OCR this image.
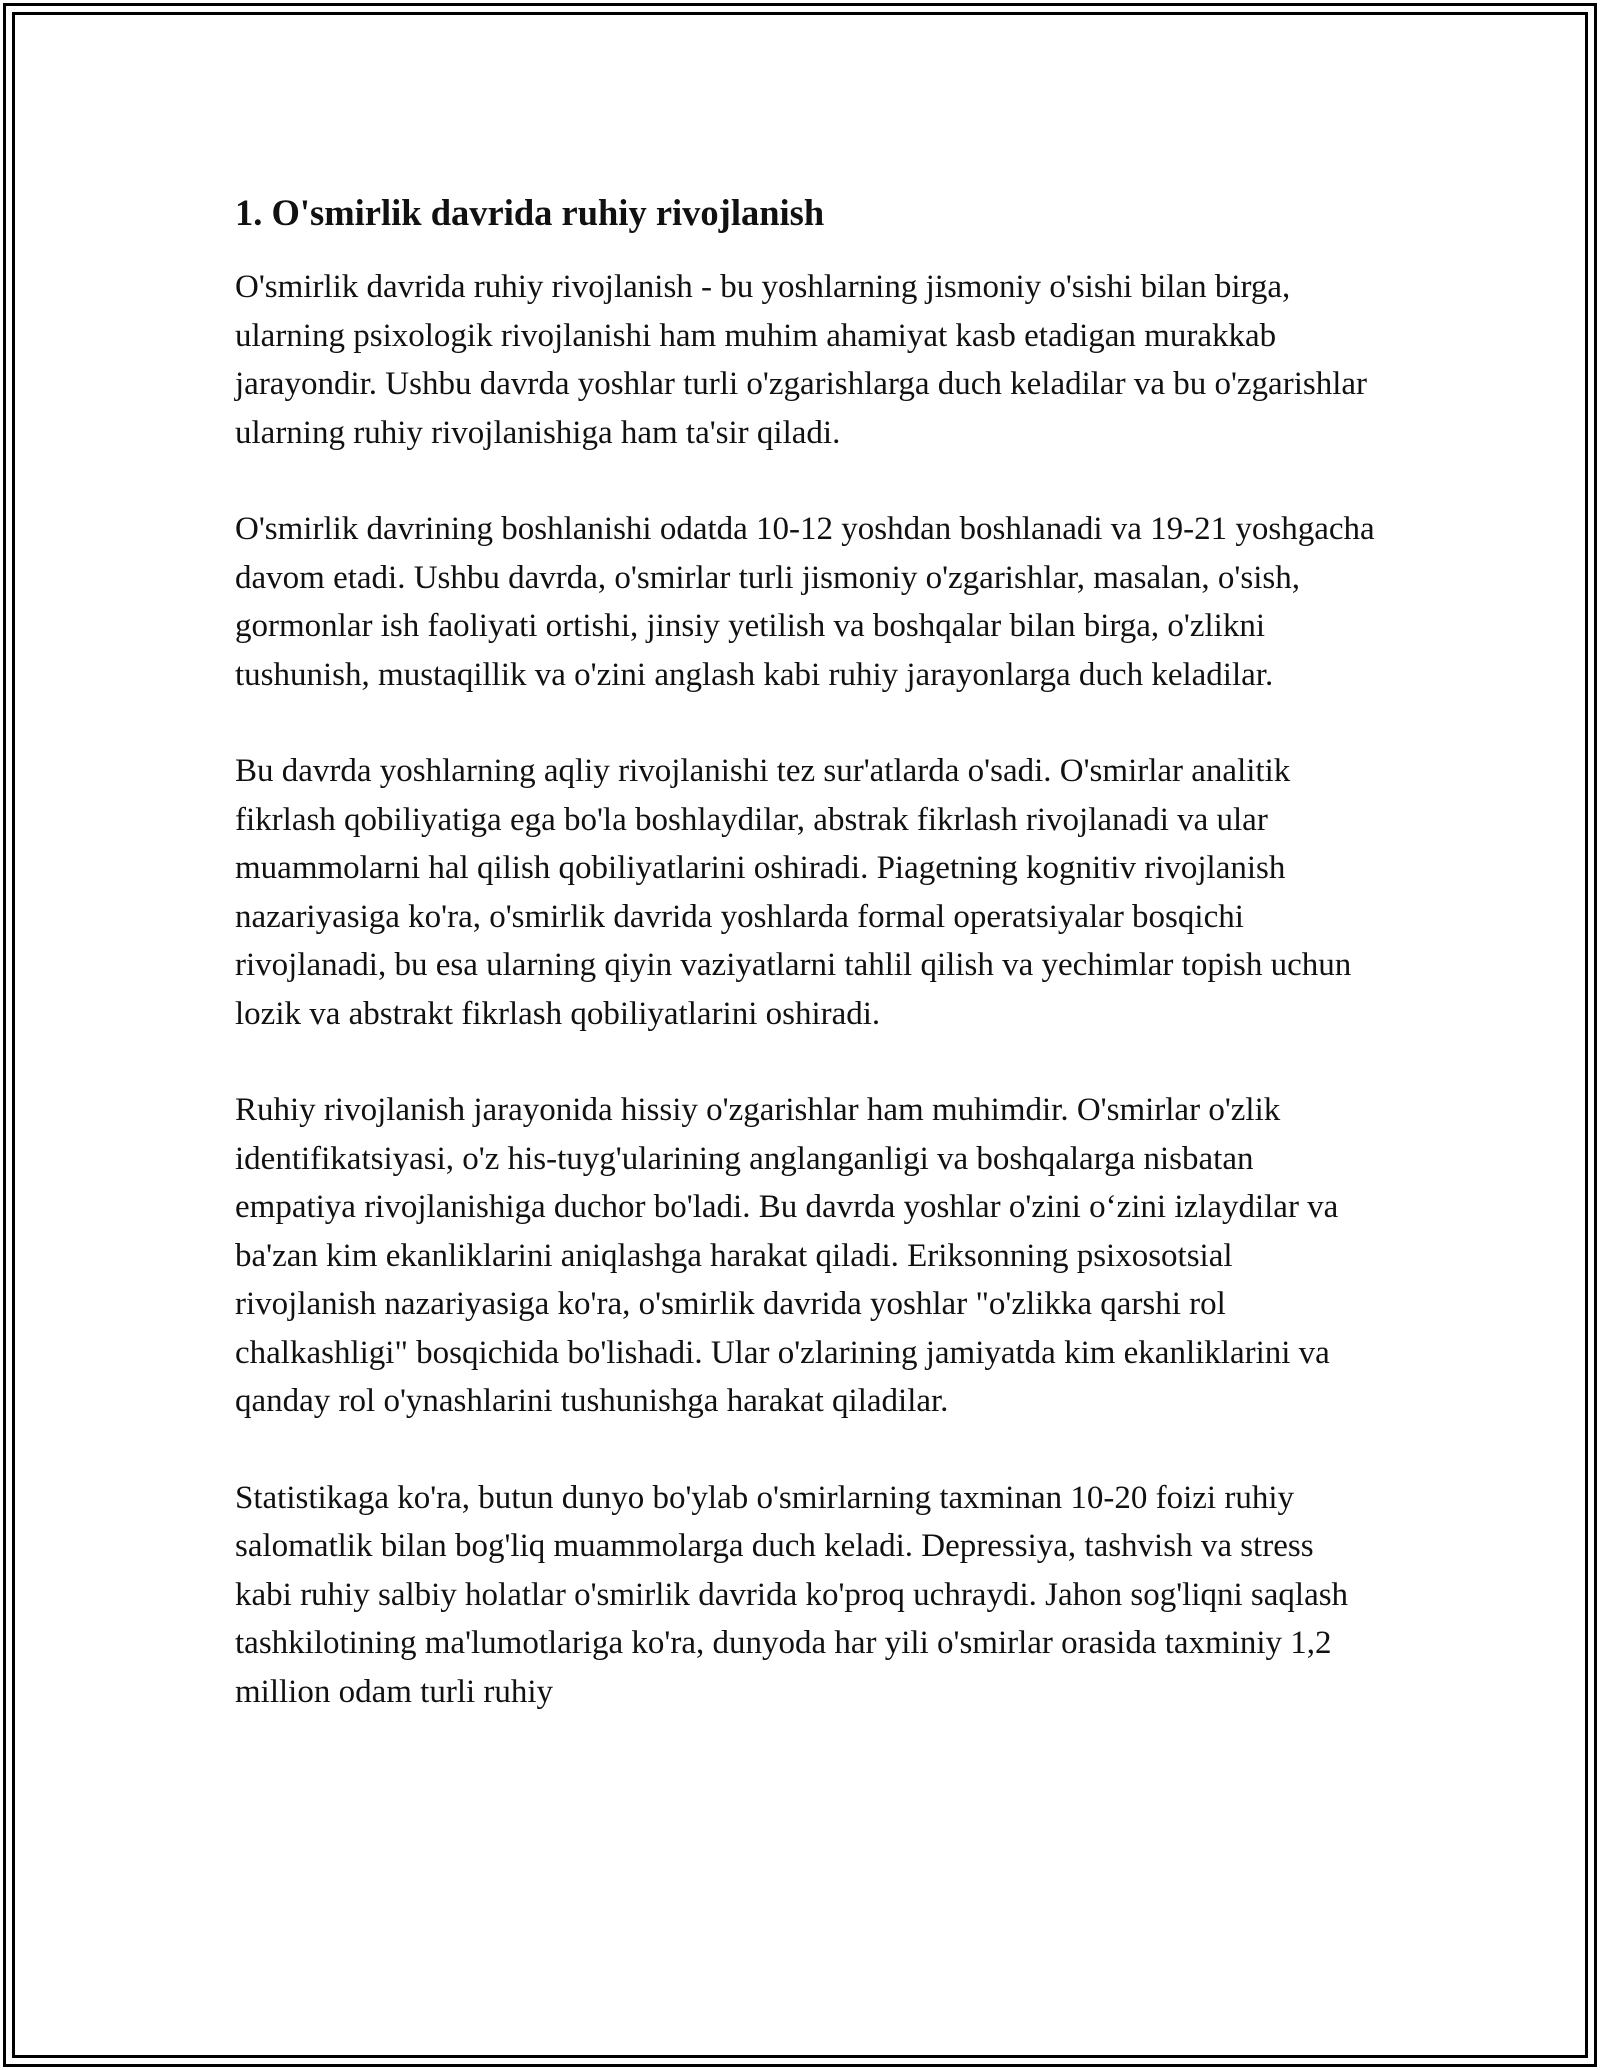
1. O'smirlik davrida ruhiy rivojlanish

O'smirlik davrida ruhiy rivojlanish - bu yoshlarning jismoniy o'sishi bilan birga, ularning psixologik rivojlanishi ham muhim ahamiyat kasb etadigan murakkab jarayondir. Ushbu davrda yoshlar turli o'zgarishlarga duch keladilar va bu o'zgarishlar ularning ruhiy rivojlanishiga ham ta'sir qiladi.

O'smirlik davrining boshlanishi odatda 10-12 yoshdan boshlanadi va 19-21 yoshgacha davom etadi. Ushbu davrda, o'smirlar turli jismoniy o'zgarishlar, masalan, o'sish, gormonlar ish faoliyati ortishi, jinsiy yetilish va boshqalar bilan birga, o'zlikni tushunish, mustaqillik va o'zini anglash kabi ruhiy jarayonlarga duch keladilar.

Bu davrda yoshlarning aqliy rivojlanishi tez sur'atlarda o'sadi. O'smirlar analitik fikrlash qobiliyatiga ega bo'la boshlaydilar, abstrak fikrlash rivojlanadi va ular muammolarni hal qilish qobiliyatlarini oshiradi. Piagetning kognitiv rivojlanish nazariyasiga ko'ra, o'smirlik davrida yoshlarda formal operatsiyalar bosqichi rivojlanadi, bu esa ularning qiyin vaziyatlarni tahlil qilish va yechimlar topish uchun lozik va abstrakt fikrlash qobiliyatlarini oshiradi.

Ruhiy rivojlanish jarayonida hissiy o'zgarishlar ham muhimdir. O'smirlar o'zlik identifikatsiyasi, o'z his-tuyg'ularining anglanganligi va boshqalarga nisbatan empatiya rivojlanishiga duchor bo'ladi. Bu davrda yoshlar o'zini o‘zini izlaydilar va ba'zan kim ekanliklarini aniqlashga harakat qiladi. Eriksonning psixosotsial rivojlanish nazariyasiga ko'ra, o'smirlik davrida yoshlar "o'zlikka qarshi rol chalkashligi" bosqichida bo'lishadi. Ular o'zlarining jamiyatda kim ekanliklarini va qanday rol o'ynashlarini tushunishga harakat qiladilar.

Statistikaga ko'ra, butun dunyo bo'ylab o'smirlarning taxminan 10-20 foizi ruhiy salomatlik bilan bog'liq muammolarga duch keladi. Depressiya, tashvish va stress kabi ruhiy salbiy holatlar o'smirlik davrida ko'proq uchraydi. Jahon sog'liqni saqlash tashkilotining ma'lumotlariga ko'ra, dunyoda har yili o'smirlar orasida taxminiy 1,2 million odam turli ruhiy
